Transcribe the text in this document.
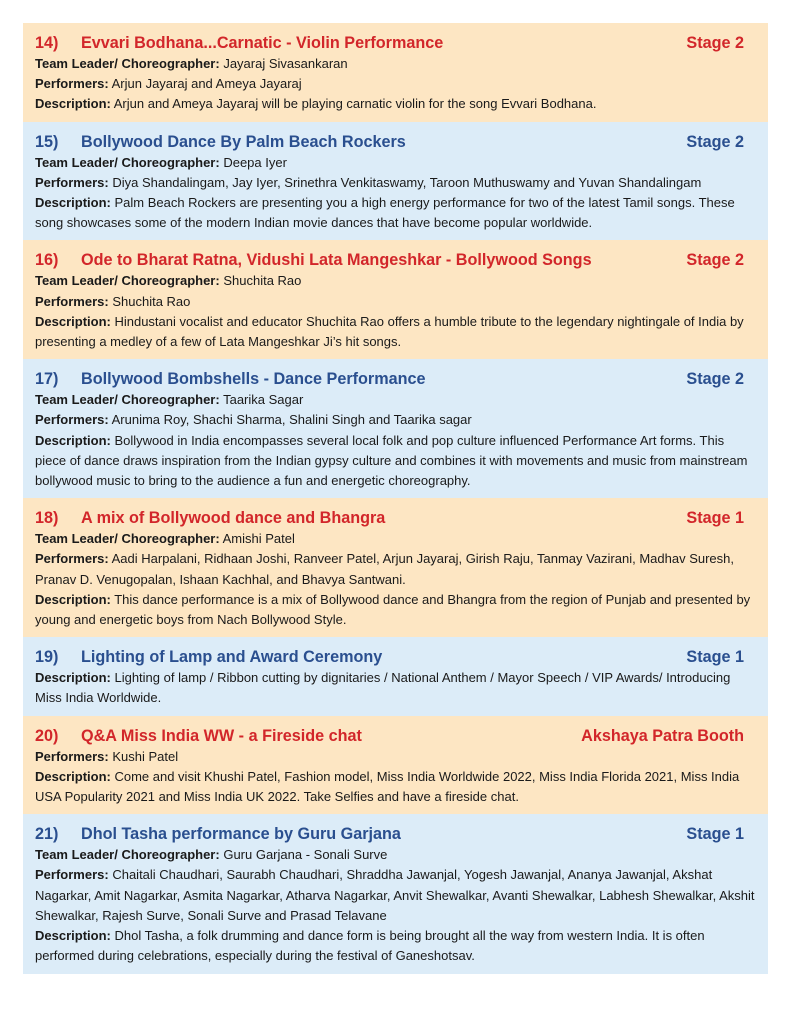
14) Evvari Bodhana...Carnatic - Violin Performance	Stage 2

Team Leader/ Choreographer: Jayaraj Sivasankaran

Performers: Arjun Jayaraj and Ameya Jayaraj

Description: Arjun and Ameya Jayaraj will be playing carnatic violin for the song Evvari Bodhana.

15) Bollywood Dance By Palm Beach Rockers	Stage 2

Team Leader/ Choreographer: Deepa Iyer

Performers: Diya Shandalingam, Jay Iyer, Srinethra Venkitaswamy, Taroon Muthuswamy and Yuvan Shandalingam

Description: Palm Beach Rockers are presenting you a high energy performance for two of the latest Tamil songs. These song showcases some of the modern Indian movie dances that have become popular worldwide.

16) Ode to Bharat Ratna, Vidushi Lata Mangeshkar - Bollywood Songs	Stage 2

Team Leader/ Choreographer: Shuchita Rao

Performers: Shuchita Rao

Description: Hindustani vocalist and educator Shuchita Rao offers a humble tribute to the legendary nightingale of India by presenting a medley of a few of Lata Mangeshkar Ji’s hit songs.

17) Bollywood Bombshells - Dance Performance	Stage 2

Team Leader/ Choreographer: Taarika Sagar

Performers: Arunima Roy, Shachi Sharma, Shalini Singh and Taarika sagar

Description: Bollywood in India encompasses several local folk and pop culture influenced Performance Art forms. This piece of dance draws inspiration from the Indian gypsy culture and combines it with movements and music from mainstream bollywood music to bring to the audience a fun and energetic choreography.

18) A mix of Bollywood dance and Bhangra	Stage 1

Team Leader/ Choreographer: Amishi Patel

Performers: Aadi Harpalani, Ridhaan Joshi, Ranveer Patel, Arjun Jayaraj, Girish Raju, Tanmay Vazirani, Madhav Suresh, Pranav D. Venugopalan, Ishaan Kachhal, and Bhavya Santwani.

Description: This dance performance is a mix of Bollywood dance and Bhangra from the region of Punjab and presented by young and energetic boys from Nach Bollywood Style.

19) Lighting of Lamp and Award Ceremony	Stage 1

Description: Lighting of lamp / Ribbon cutting by dignitaries / National Anthem / Mayor Speech / VIP Awards/ Introducing Miss India Worldwide.

20) Q&A Miss India WW - a Fireside chat	Akshaya Patra Booth

Performers: Kushi Patel

Description: Come and visit Khushi Patel, Fashion model, Miss India Worldwide 2022, Miss India Florida 2021, Miss India USA Popularity 2021 and Miss India UK 2022. Take Selfies and have a fireside chat.

21) Dhol Tasha performance by Guru Garjana	Stage 1

Team Leader/ Choreographer: Guru Garjana - Sonali Surve

Performers: Chaitali Chaudhari, Saurabh Chaudhari, Shraddha Jawanjal, Yogesh Jawanjal, Ananya Jawanjal, Akshat Nagarkar, Amit Nagarkar, Asmita Nagarkar, Atharva Nagarkar, Anvit Shewalkar, Avanti Shewalkar, Labhesh Shewalkar, Akshit Shewalkar, Rajesh Surve, Sonali Surve and Prasad Telavane

Description: Dhol Tasha, a folk drumming and dance form is being brought all the way from western India. It is often performed during celebrations, especially during the festival of Ganeshotsav.
